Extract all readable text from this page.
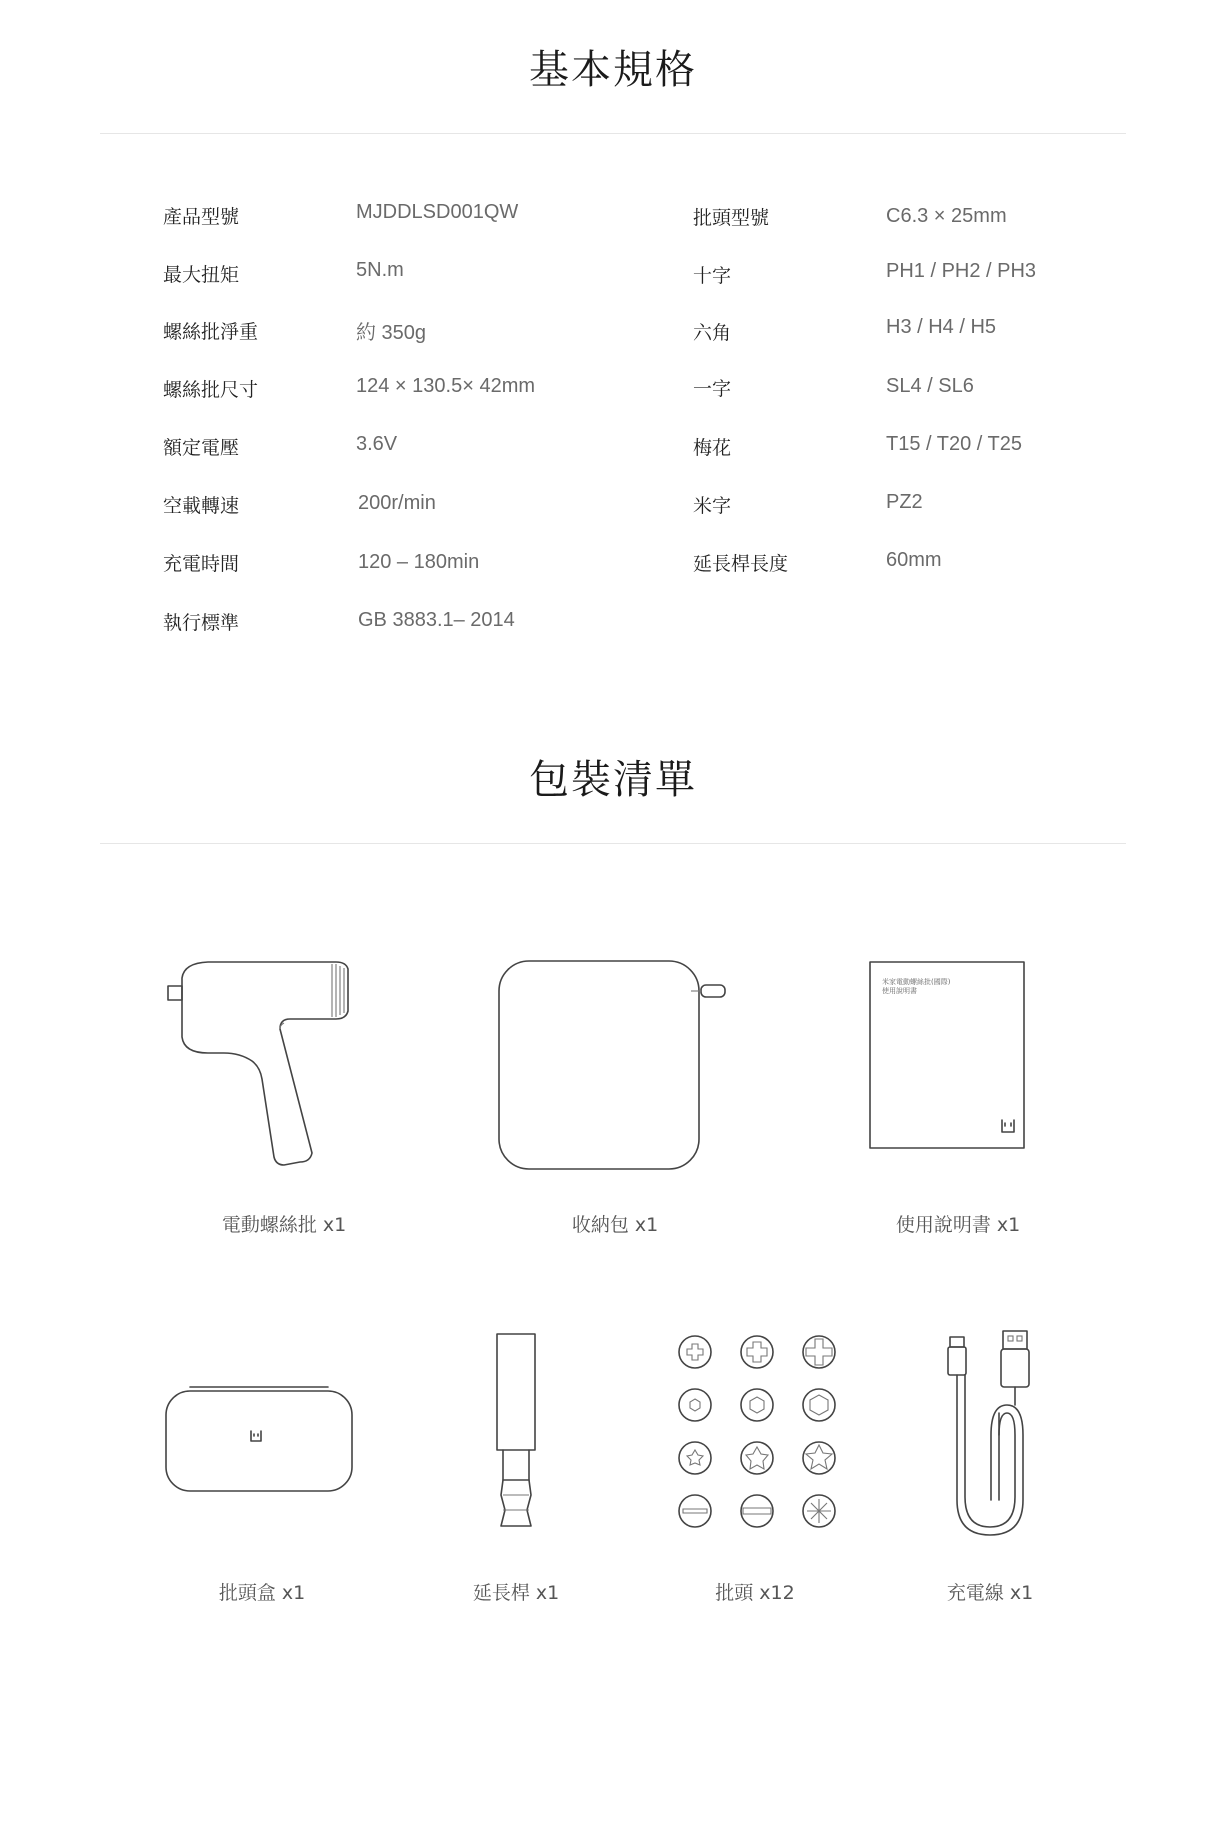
基本規格
產品型號	MJDDLSD001QW
最大扭矩	5N.m
螺絲批淨重	約 350g
螺絲批尺寸	124 × 130.5× 42mm
額定電壓	3.6V
空載轉速	200r/min
充電時間	120 – 180min
執行標準	GB 3883.1– 2014
批頭型號	C6.3 × 25mm
十字	PH1 / PH2 / PH3
六角	H3 / H4 / H5
一字	SL4 / SL6
梅花	T15 / T20 / T25
米字	PZ2
延長桿長度	60mm
包裝清單
米家電動螺絲批(國際)
使用說明書
電動螺絲批 x1	收納包 x1	使用說明書 x1
批頭盒 x1	延長桿 x1	批頭 x12	充電線 x1
